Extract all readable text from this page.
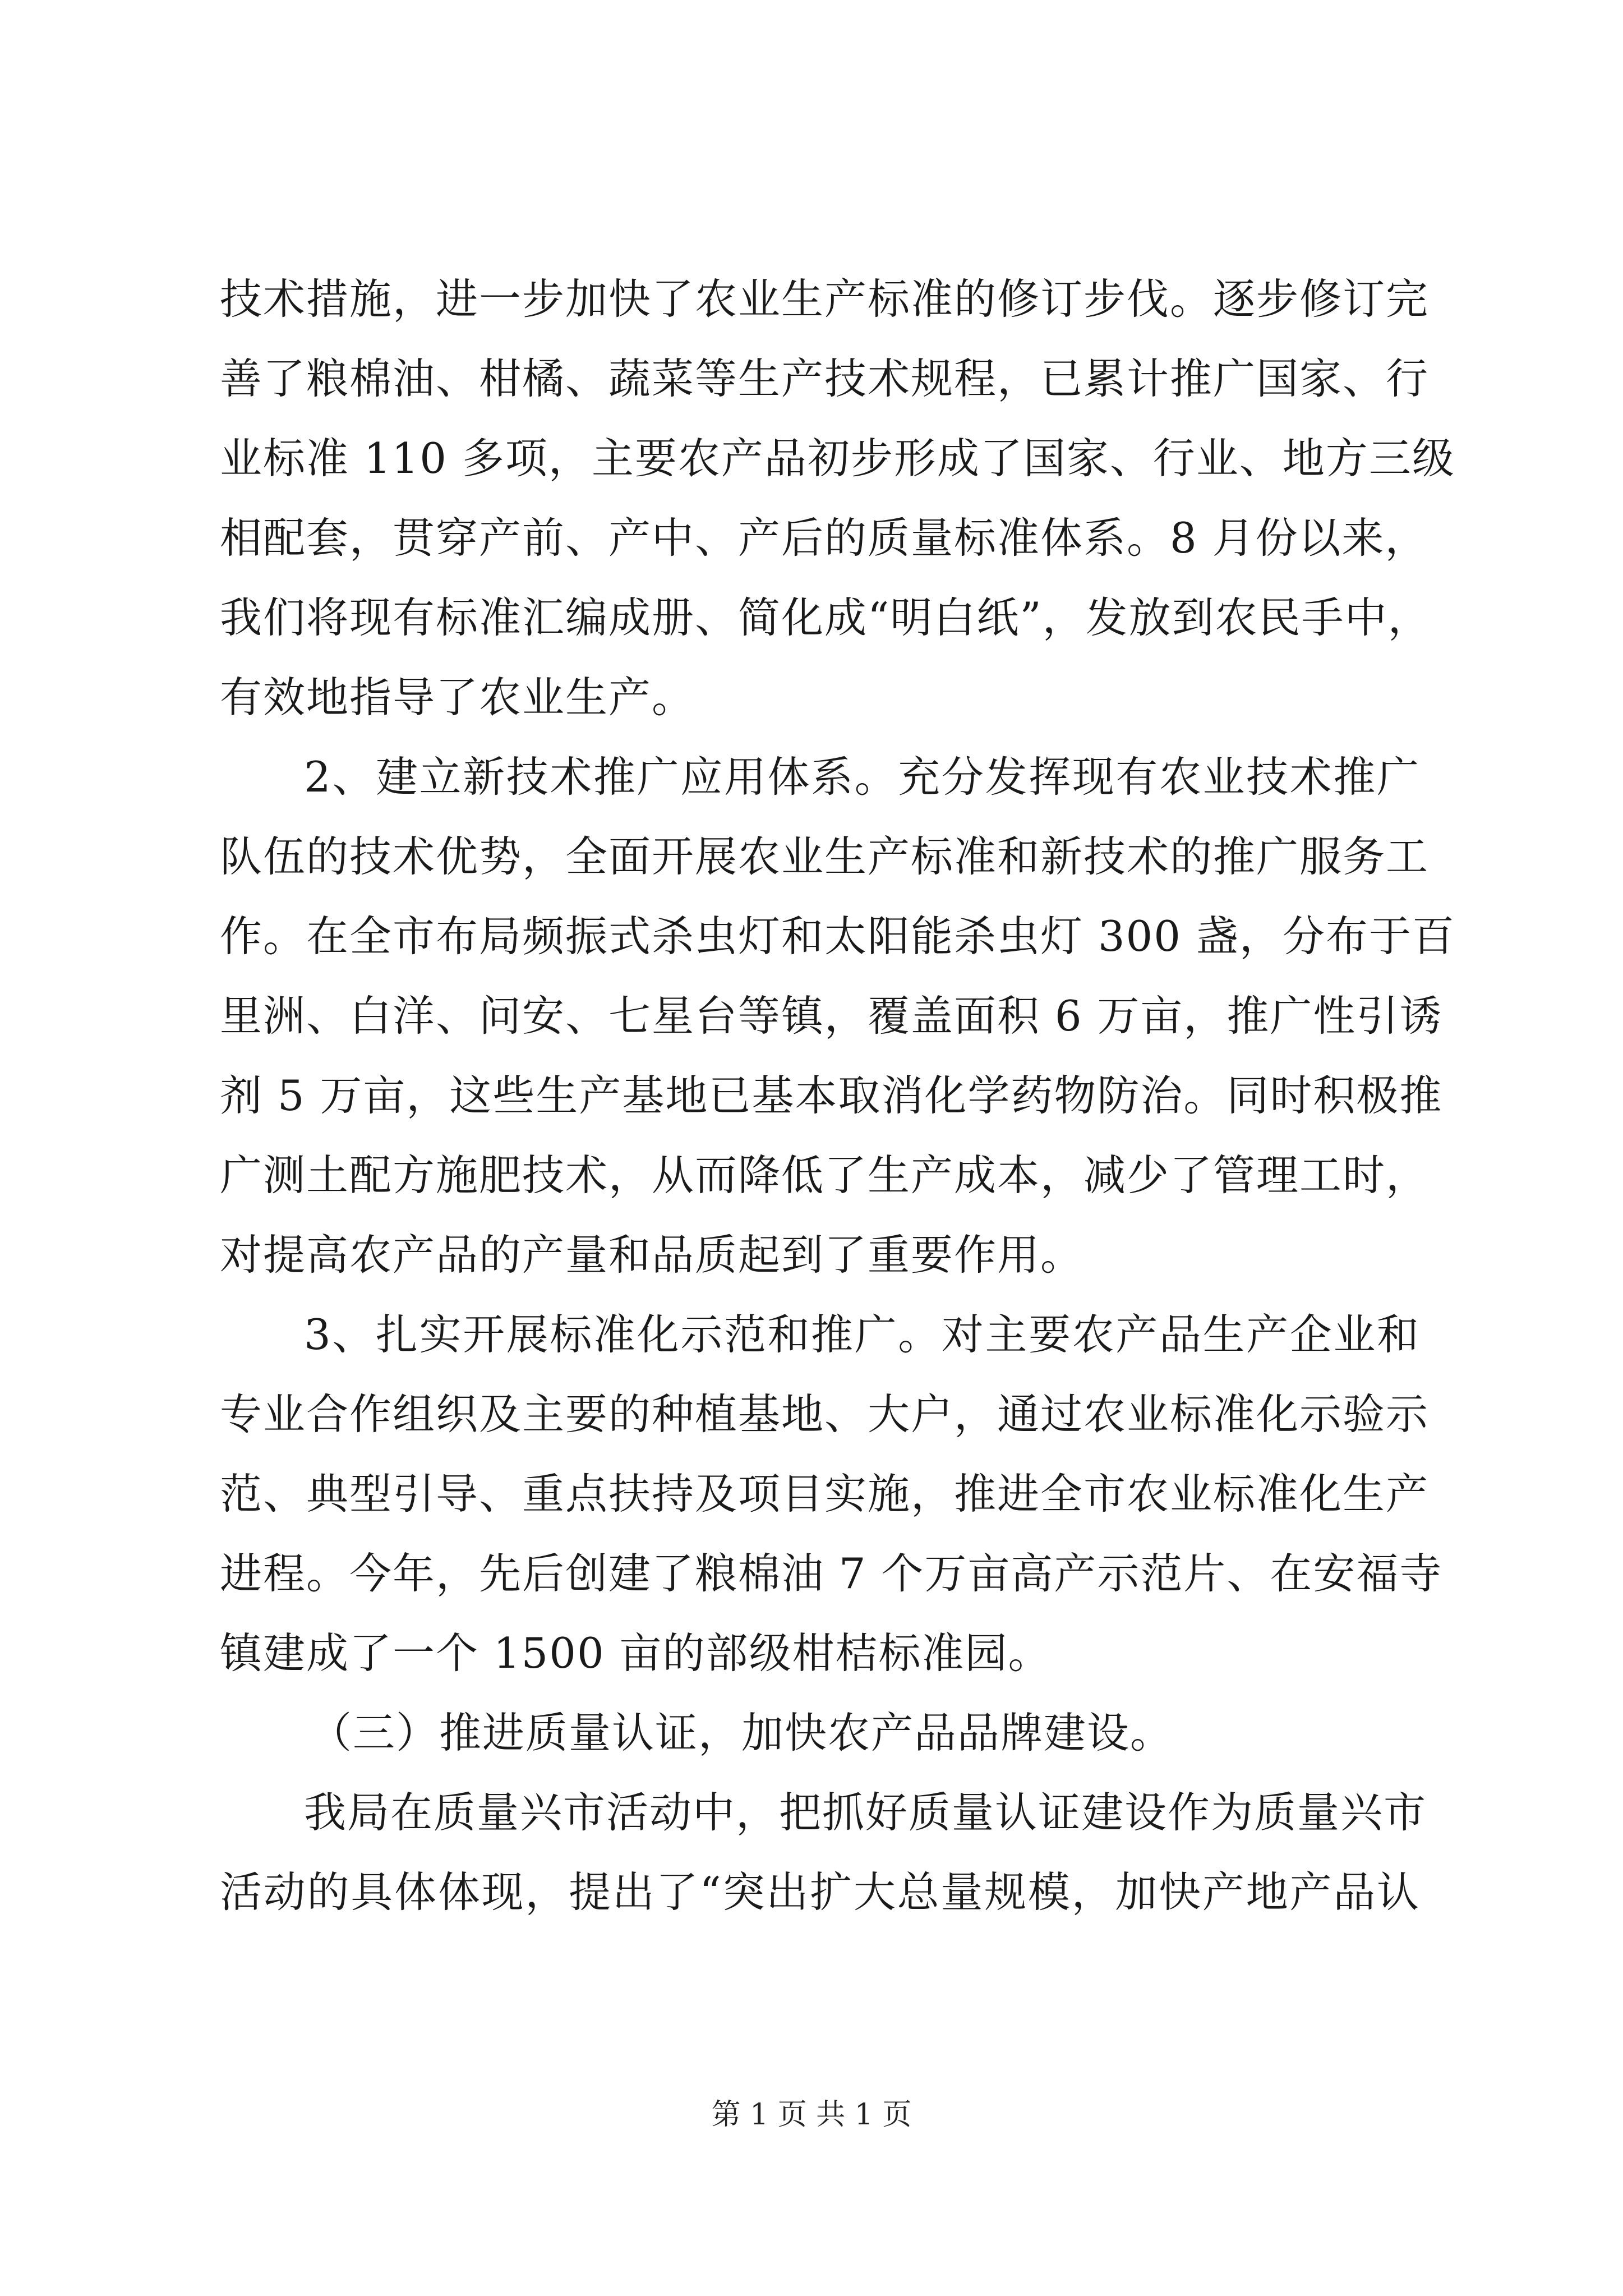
技术措施，进一步加快了农业生产标准的修订步伐。逐步修订完
善了粮棉油、柑橘、蔬菜等生产技术规程，已累计推广国家、行
业标准 110 多项，主要农产品初步形成了国家、行业、地方三级
相配套，贯穿产前、产中、产后的质量标准体系。8 月份以来，
我们将现有标准汇编成册、简化成“明白纸”，发放到农民手中，
有效地指导了农业生产。
2、建立新技术推广应用体系。充分发挥现有农业技术推广
队伍的技术优势，全面开展农业生产标准和新技术的推广服务工
作。在全市布局频振式杀虫灯和太阳能杀虫灯 300 盏，分布于百
里洲、白洋、问安、七星台等镇，覆盖面积 6 万亩，推广性引诱
剂 5 万亩，这些生产基地已基本取消化学药物防治。同时积极推
广测土配方施肥技术，从而降低了生产成本，减少了管理工时，
对提高农产品的产量和品质起到了重要作用。
3、扎实开展标准化示范和推广。对主要农产品生产企业和
专业合作组织及主要的种植基地、大户，通过农业标准化示验示
范、典型引导、重点扶持及项目实施，推进全市农业标准化生产
进程。今年，先后创建了粮棉油 7 个万亩高产示范片、在安福寺
镇建成了一个 1500 亩的部级柑桔标准园。
（三）推进质量认证，加快农产品品牌建设。
我局在质量兴市活动中，把抓好质量认证建设作为质量兴市
活动的具体体现，提出了“突出扩大总量规模，加快产地产品认
第 1 页 共 1 页
